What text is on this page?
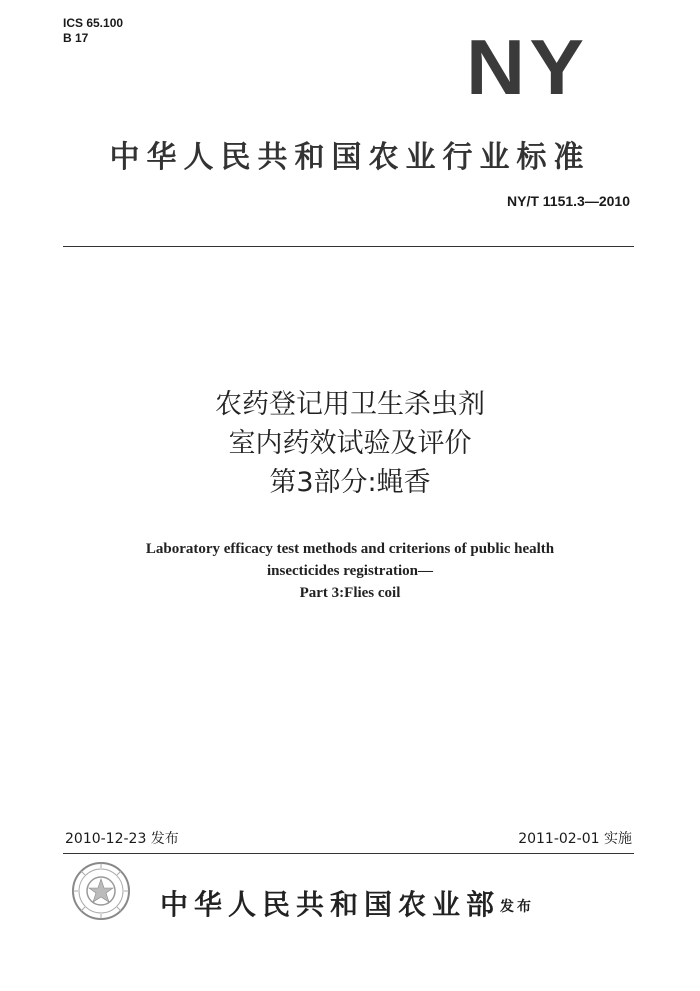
ICS 65.100
B 17	NY
中华人民共和国农业行业标准
NY/T 1151.3—2010
农药登记用卫生杀虫剂
室内药效试验及评价
第3部分:蝇香
Laboratory efficacy test methods and criterions of public health
insecticides registration—
Part 3:Flies coil
2010-12-23 发布	2011-02-01 实施
中华人民共和国农业部 发布
